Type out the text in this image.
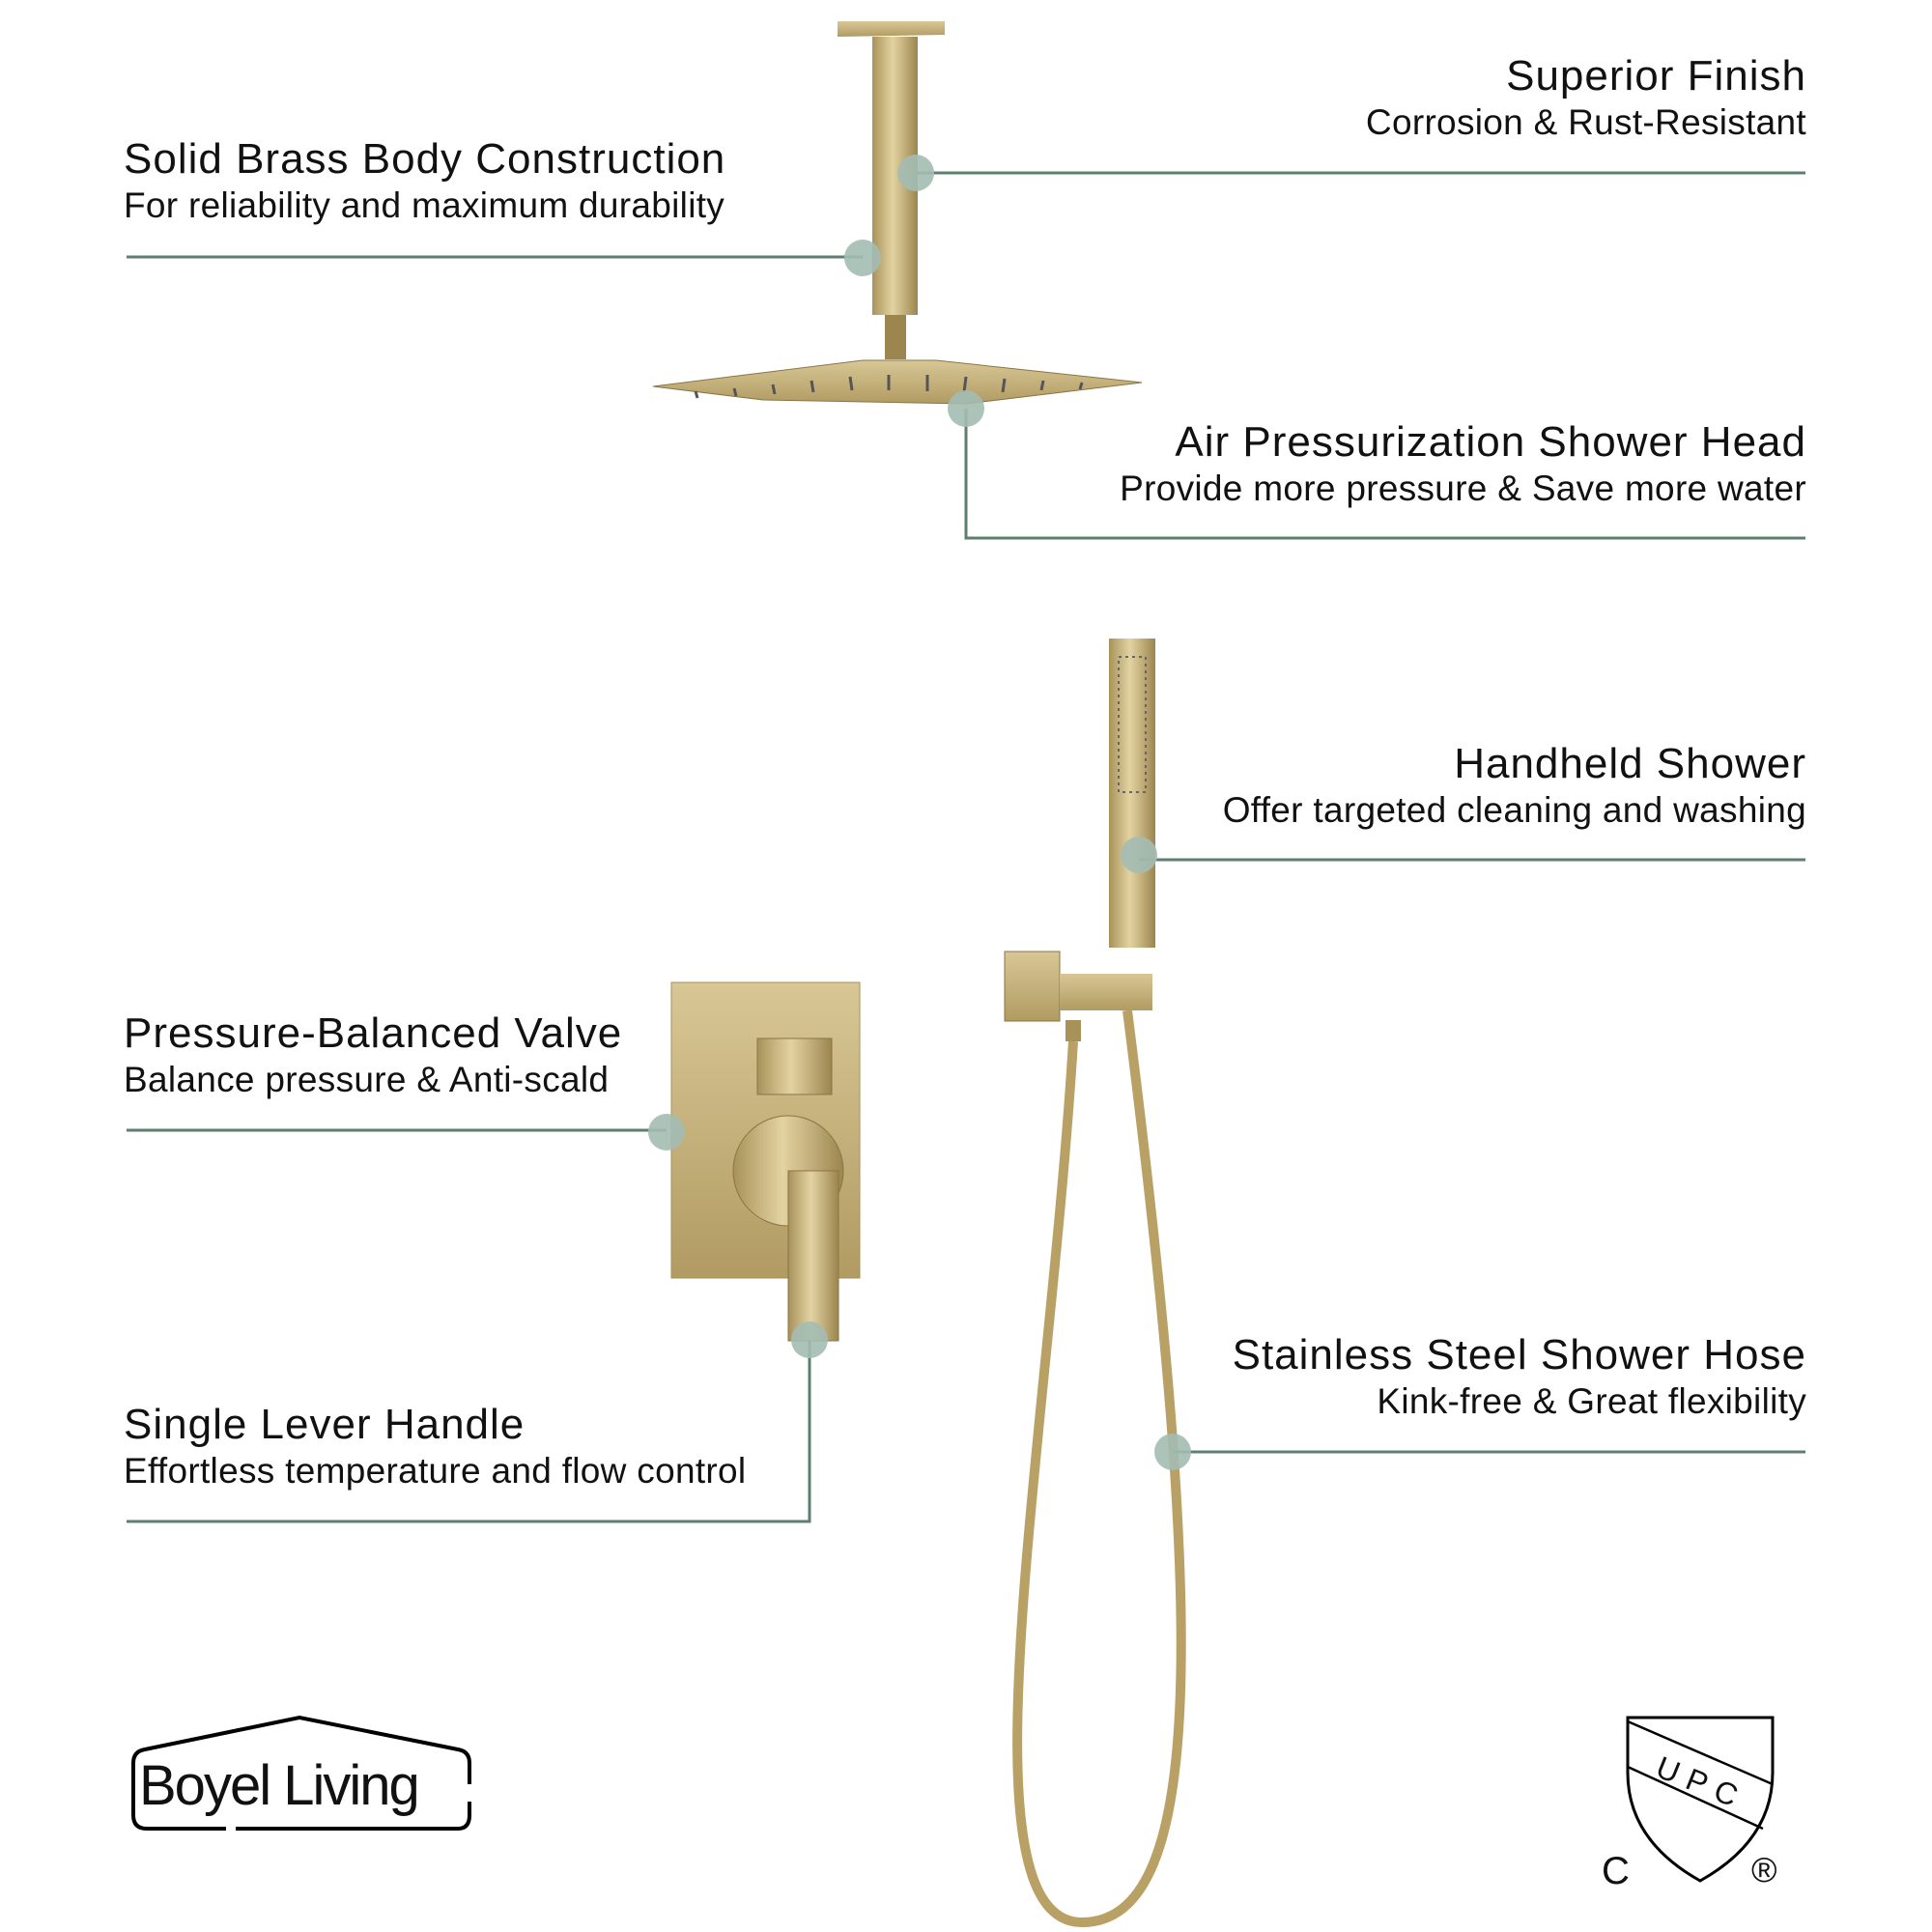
Solid Brass Body Construction
For reliability and maximum durability
Superior Finish
Corrosion & Rust-Resistant
Air Pressurization Shower Head
Provide more pressure & Save more water
Handheld Shower
Offer targeted cleaning and washing
Pressure-Balanced Valve
Balance pressure & Anti-scald
Single Lever Handle
Effortless temperature and flow control
Stainless Steel Shower Hose
Kink-free & Great flexibility
Boyel Living	UPC
C	®
